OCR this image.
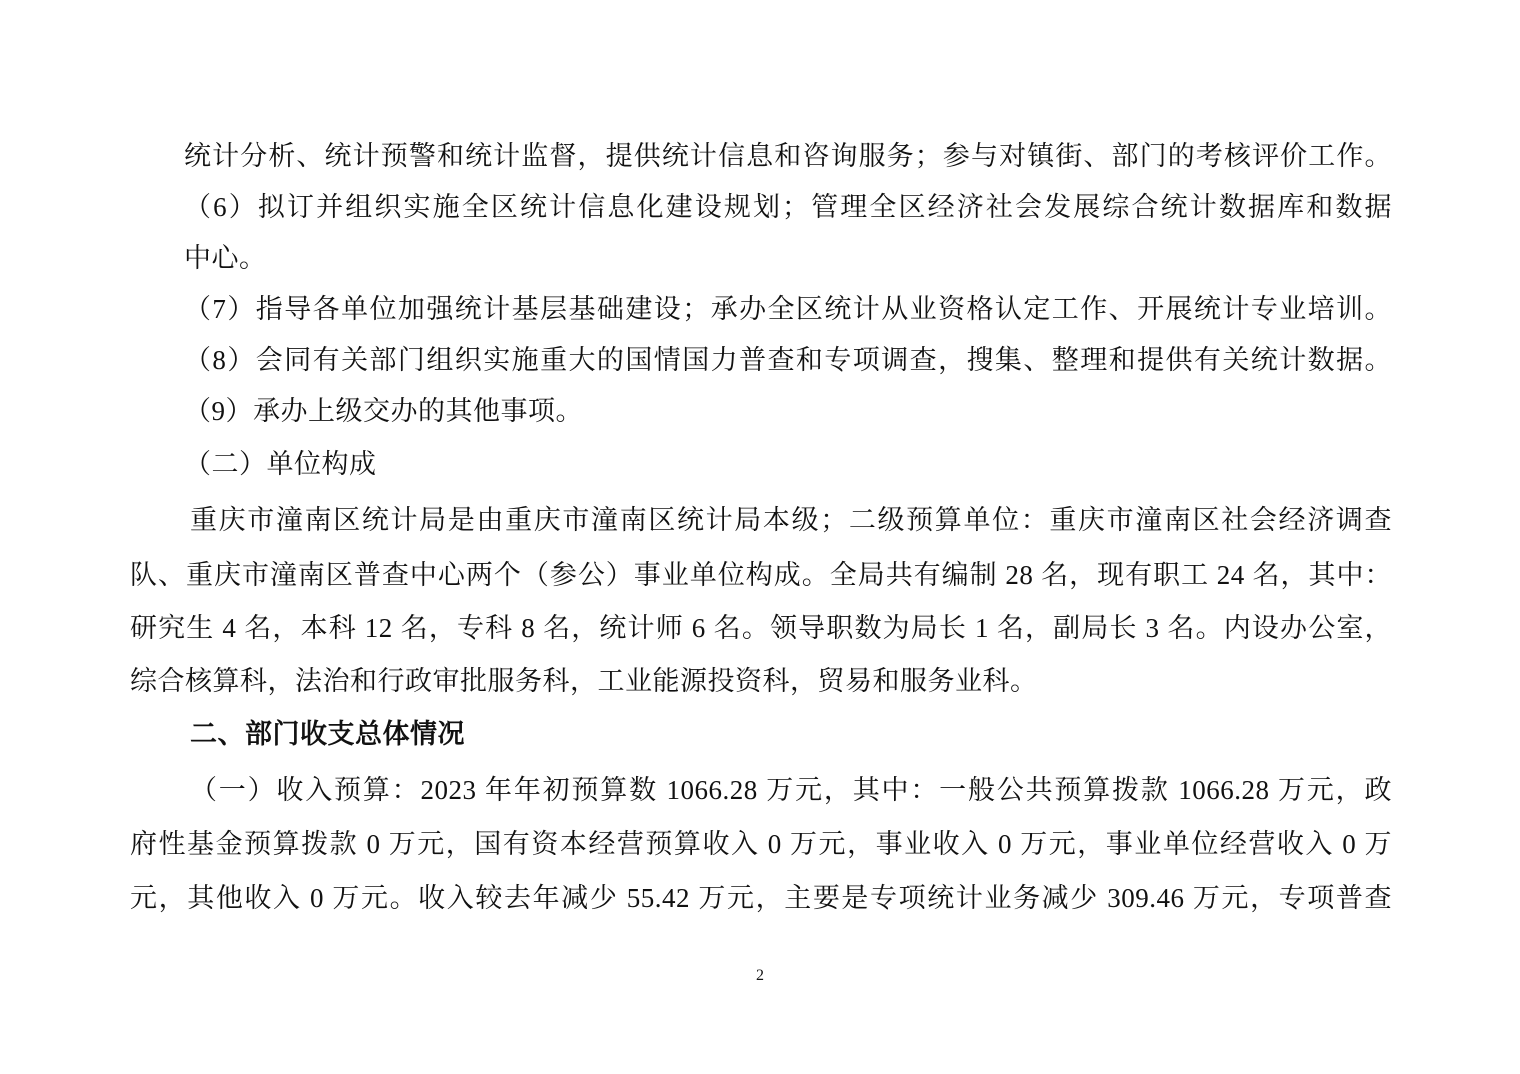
统计分析、统计预警和统计监督，提供统计信息和咨询服务；参与对镇街、部门的考核评价工作。
（6）拟订并组织实施全区统计信息化建设规划；管理全区经济社会发展综合统计数据库和数据
中心。
（7）指导各单位加强统计基层基础建设；承办全区统计从业资格认定工作、开展统计专业培训。
（8）会同有关部门组织实施重大的国情国力普查和专项调查，搜集、整理和提供有关统计数据。
（9）承办上级交办的其他事项。
（二）单位构成
重庆市潼南区统计局是由重庆市潼南区统计局本级；二级预算单位：重庆市潼南区社会经济调查
队、重庆市潼南区普查中心两个（参公）事业单位构成。全局共有编制 28 名，现有职工 24 名，其中：
研究生 4 名，本科 12 名，专科 8 名，统计师 6 名。领导职数为局长 1 名，副局长 3 名。内设办公室，
综合核算科，法治和行政审批服务科，工业能源投资科，贸易和服务业科。
二、部门收支总体情况
（一）收入预算：2023 年年初预算数 1066.28 万元，其中：一般公共预算拨款 1066.28 万元，政
府性基金预算拨款 0 万元，国有资本经营预算收入 0 万元，事业收入 0 万元，事业单位经营收入 0 万
元，其他收入 0 万元。收入较去年减少 55.42 万元，主要是专项统计业务减少 309.46 万元，专项普查
2
